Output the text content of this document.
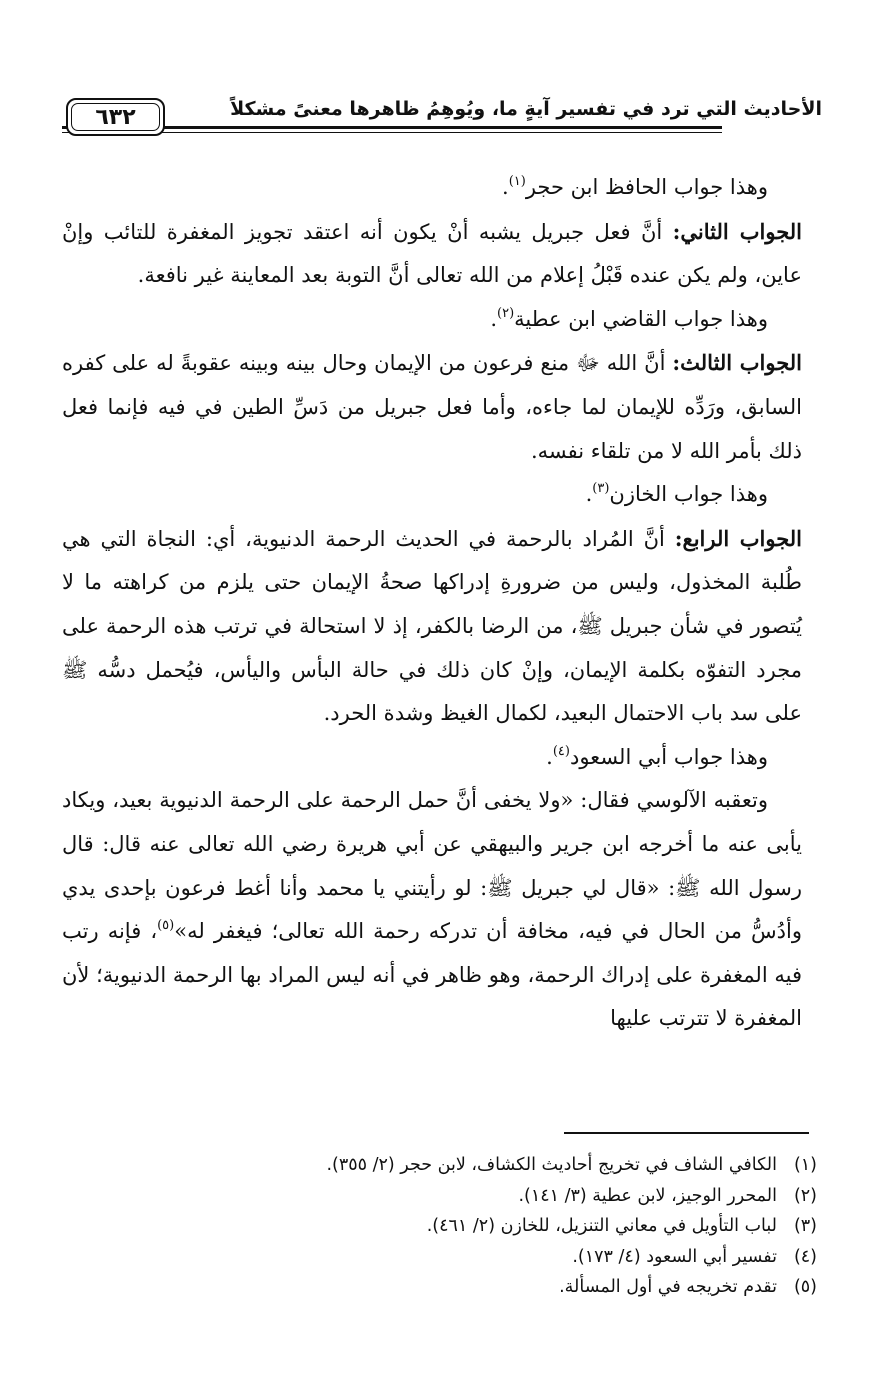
٦٣٢	الأحاديث التي ترد في تفسير آيةٍ ما، ويُوهِمُ ظاهرها معنىً مشكلاً

وهذا جواب الحافظ ابن حجر$^{(١)}$.

الجواب الثاني: أنَّ فعل جبريل يشبه أنْ يكون أنه اعتقد تجويز المغفرة للتائب وإنْ عاين، ولم يكن عنده قَبْلُ إعلام من الله تعالى أنَّ التوبة بعد المعاينة غير نافعة.

وهذا جواب القاضي ابن عطية$^{(٢)}$.

الجواب الثالث: أنَّ الله ﷻ منع فرعون من الإيمان وحال بينه وبينه عقوبةً له على كفره السابق، ورَدِّه للإيمان لما جاءه، وأما فعل جبريل من دَسِّ الطين في فيه فإنما فعل ذلك بأمر الله لا من تلقاء نفسه.

وهذا جواب الخازن$^{(٣)}$.

الجواب الرابع: أنَّ المُراد بالرحمة في الحديث الرحمة الدنيوية، أي: النجاة التي هي طُلبة المخذول، وليس من ضرورةِ إدراكها صحةُ الإيمان حتى يلزم من كراهته ما لا يُتصور في شأن جبريل ﷺ، من الرضا بالكفر، إذ لا استحالة في ترتب هذه الرحمة على مجرد التفوّه بكلمة الإيمان، وإنْ كان ذلك في حالة البأس واليأس، فيُحمل دسُّه ﷺ على سد باب الاحتمال البعيد، لكمال الغيظ وشدة الحرد.

وهذا جواب أبي السعود$^{(٤)}$.

وتعقبه الآلوسي فقال: «ولا يخفى أنَّ حمل الرحمة على الرحمة الدنيوية بعيد، ويكاد يأبى عنه ما أخرجه ابن جرير والبيهقي عن أبي هريرة رضي الله تعالى عنه قال: قال رسول الله ﷺ: «قال لي جبريل ﷺ: لو رأيتني يا محمد وأنا أغط فرعون بإحدى يدي وأدُسُّ من الحال في فيه، مخافة أن تدركه رحمة الله تعالى؛ فيغفر له»$^{(٥)}$، فإنه رتب فيه المغفرة على إدراك الرحمة، وهو ظاهر في أنه ليس المراد بها الرحمة الدنيوية؛ لأن المغفرة لا تترتب عليها

(١)الكافي الشاف في تخريج أحاديث الكشاف، لابن حجر (٢/ ٣٥٥).
(٢)المحرر الوجيز، لابن عطية (٣/ ١٤١).
(٣)لباب التأويل في معاني التنزيل، للخازن (٢/ ٤٦١).
(٤)تفسير أبي السعود (٤/ ١٧٣).
(٥)تقدم تخريجه في أول المسألة.
